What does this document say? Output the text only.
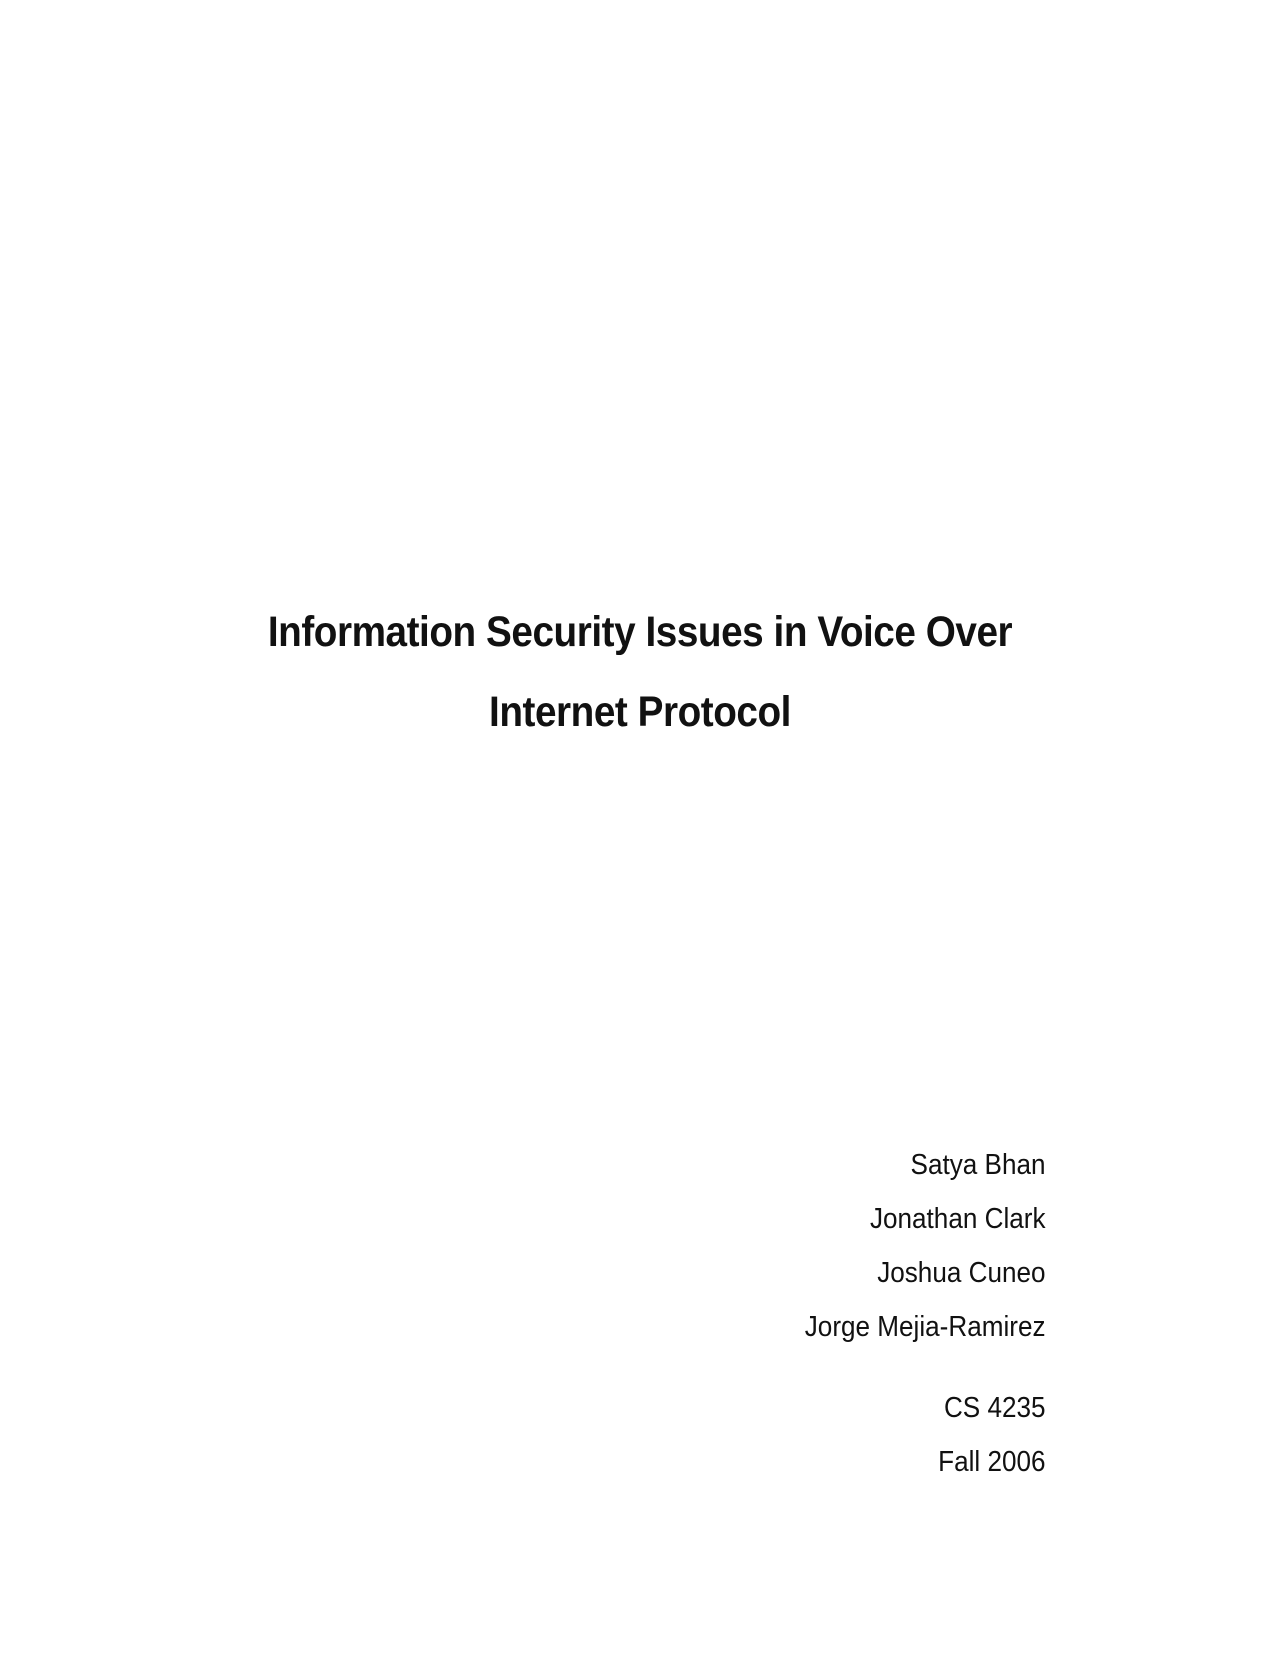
Information Security Issues in Voice Over
Internet Protocol
Satya Bhan
Jonathan Clark
Joshua Cuneo
Jorge Mejia-Ramirez
CS 4235
Fall 2006
